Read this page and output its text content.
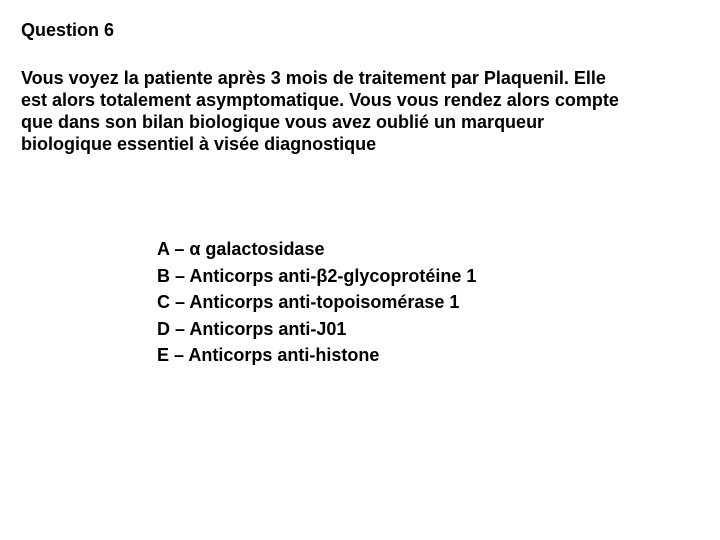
Question 6
Vous voyez la patiente après 3 mois de traitement par Plaquenil. Elle
est alors totalement asymptomatique. Vous vous rendez alors compte
que dans son bilan biologique vous avez oublié un marqueur
biologique essentiel à visée diagnostique
A – α galactosidase
B – Anticorps anti-β2-glycoprotéine 1
C – Anticorps anti-topoisomérase 1
D – Anticorps anti-J01
E – Anticorps anti-histone
